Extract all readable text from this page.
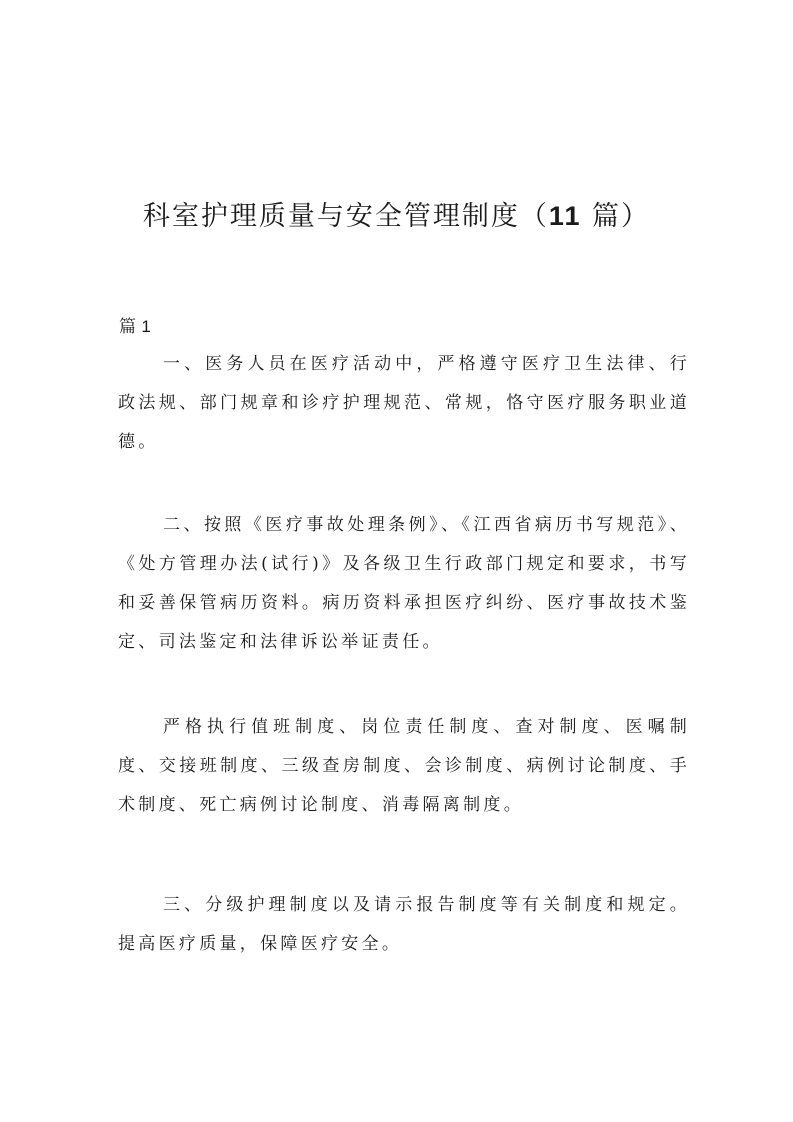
科室护理质量与安全管理制度（11 篇）
篇 1

一、医务人员在医疗活动中，严格遵守医疗卫生法律、行政法规、部门规章和诊疗护理规范、常规，恪守医疗服务职业道德。

二、按照《医疗事故处理条例》、《江西省病历书写规范》、《处方管理办法(试行)》及各级卫生行政部门规定和要求，书写和妥善保管病历资料。病历资料承担医疗纠纷、医疗事故技术鉴定、司法鉴定和法律诉讼举证责任。

严格执行值班制度、岗位责任制度、查对制度、医嘱制度、交接班制度、三级查房制度、会诊制度、病例讨论制度、手术制度、死亡病例讨论制度、消毒隔离制度。

三、分级护理制度以及请示报告制度等有关制度和规定。提高医疗质量，保障医疗安全。
